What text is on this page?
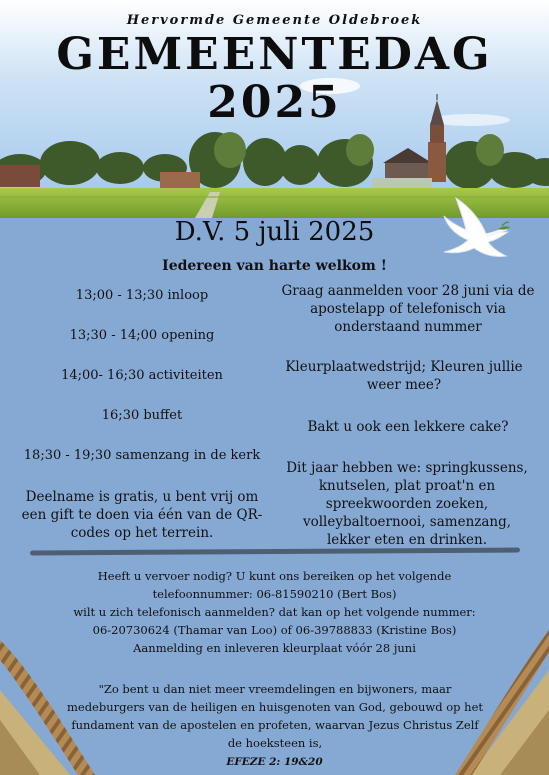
Hervormde Gemeente Oldebroek
GEMEENTEDAG
2025
D.V. 5 juli 2025
Iedereen van harte welkom !
13;00 - 13;30 inloop
13;30 - 14;00 opening
14;00- 16;30 activiteiten
16;30 buffet
18;30 - 19;30 samenzang in de kerk
Deelname is gratis, u bent vrij om een gift te doen via één van de QR-codes op het terrein.
Graag aanmelden voor 28 juni via de apostelapp of telefonisch via onderstaand nummer
Kleurplaatwedstrijd; Kleuren jullie weer mee?
Bakt u ook een lekkere cake?
Dit jaar hebben we: springkussens, knutselen, plat proat'n en spreekwoorden zoeken, volleybaltoernooi, samenzang, lekker eten en drinken.
Heeft u vervoer nodig? U kunt ons bereiken op het volgende
telefoonnummer: 06-81590210 (Bert Bos)
wilt u zich telefonisch aanmelden? dat kan op het volgende nummer:
06-20730624 (Thamar van Loo) of 06-39788833 (Kristine Bos)
Aanmelding en inleveren kleurplaat vóór 28 juni
"Zo bent u dan niet meer vreemdelingen en bijwoners, maar
medeburgers van de heiligen en huisgenoten van God, gebouwd op het
fundament van de apostelen en profeten, waarvan Jezus Christus Zelf
de hoeksteen is,
EFEZE 2: 19&20
